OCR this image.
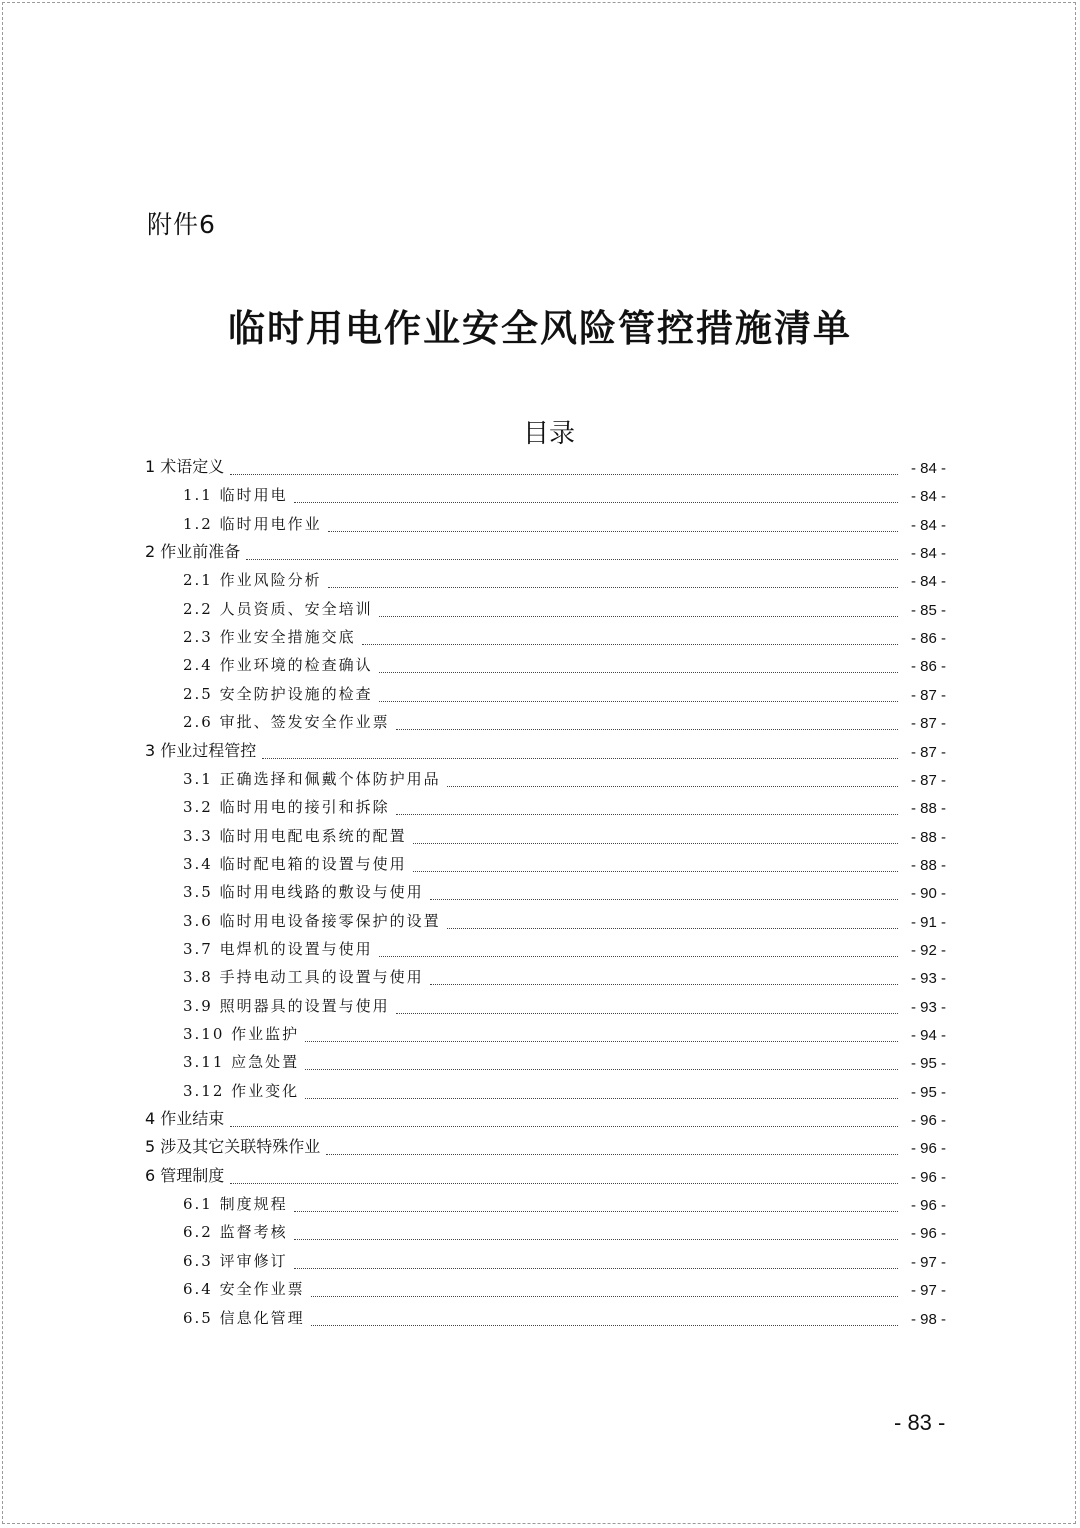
附件6
临时用电作业安全风险管控措施清单
目录
1 术语定义	- 84 -
1.1 临时用电	- 84 -
1.2 临时用电作业	- 84 -
2 作业前准备	- 84 -
2.1 作业风险分析	- 84 -
2.2 人员资质、安全培训	- 85 -
2.3 作业安全措施交底	- 86 -
2.4 作业环境的检查确认	- 86 -
2.5 安全防护设施的检查	- 87 -
2.6 审批、签发安全作业票	- 87 -
3 作业过程管控	- 87 -
3.1 正确选择和佩戴个体防护用品	- 87 -
3.2 临时用电的接引和拆除	- 88 -
3.3 临时用电配电系统的配置	- 88 -
3.4 临时配电箱的设置与使用	- 88 -
3.5 临时用电线路的敷设与使用	- 90 -
3.6 临时用电设备接零保护的设置	- 91 -
3.7 电焊机的设置与使用	- 92 -
3.8 手持电动工具的设置与使用	- 93 -
3.9 照明器具的设置与使用	- 93 -
3.10 作业监护	- 94 -
3.11 应急处置	- 95 -
3.12 作业变化	- 95 -
4 作业结束	- 96 -
5 涉及其它关联特殊作业	- 96 -
6 管理制度	- 96 -
6.1 制度规程	- 96 -
6.2 监督考核	- 96 -
6.3 评审修订	- 97 -
6.4 安全作业票	- 97 -
6.5 信息化管理	- 98 -
- 83 -
